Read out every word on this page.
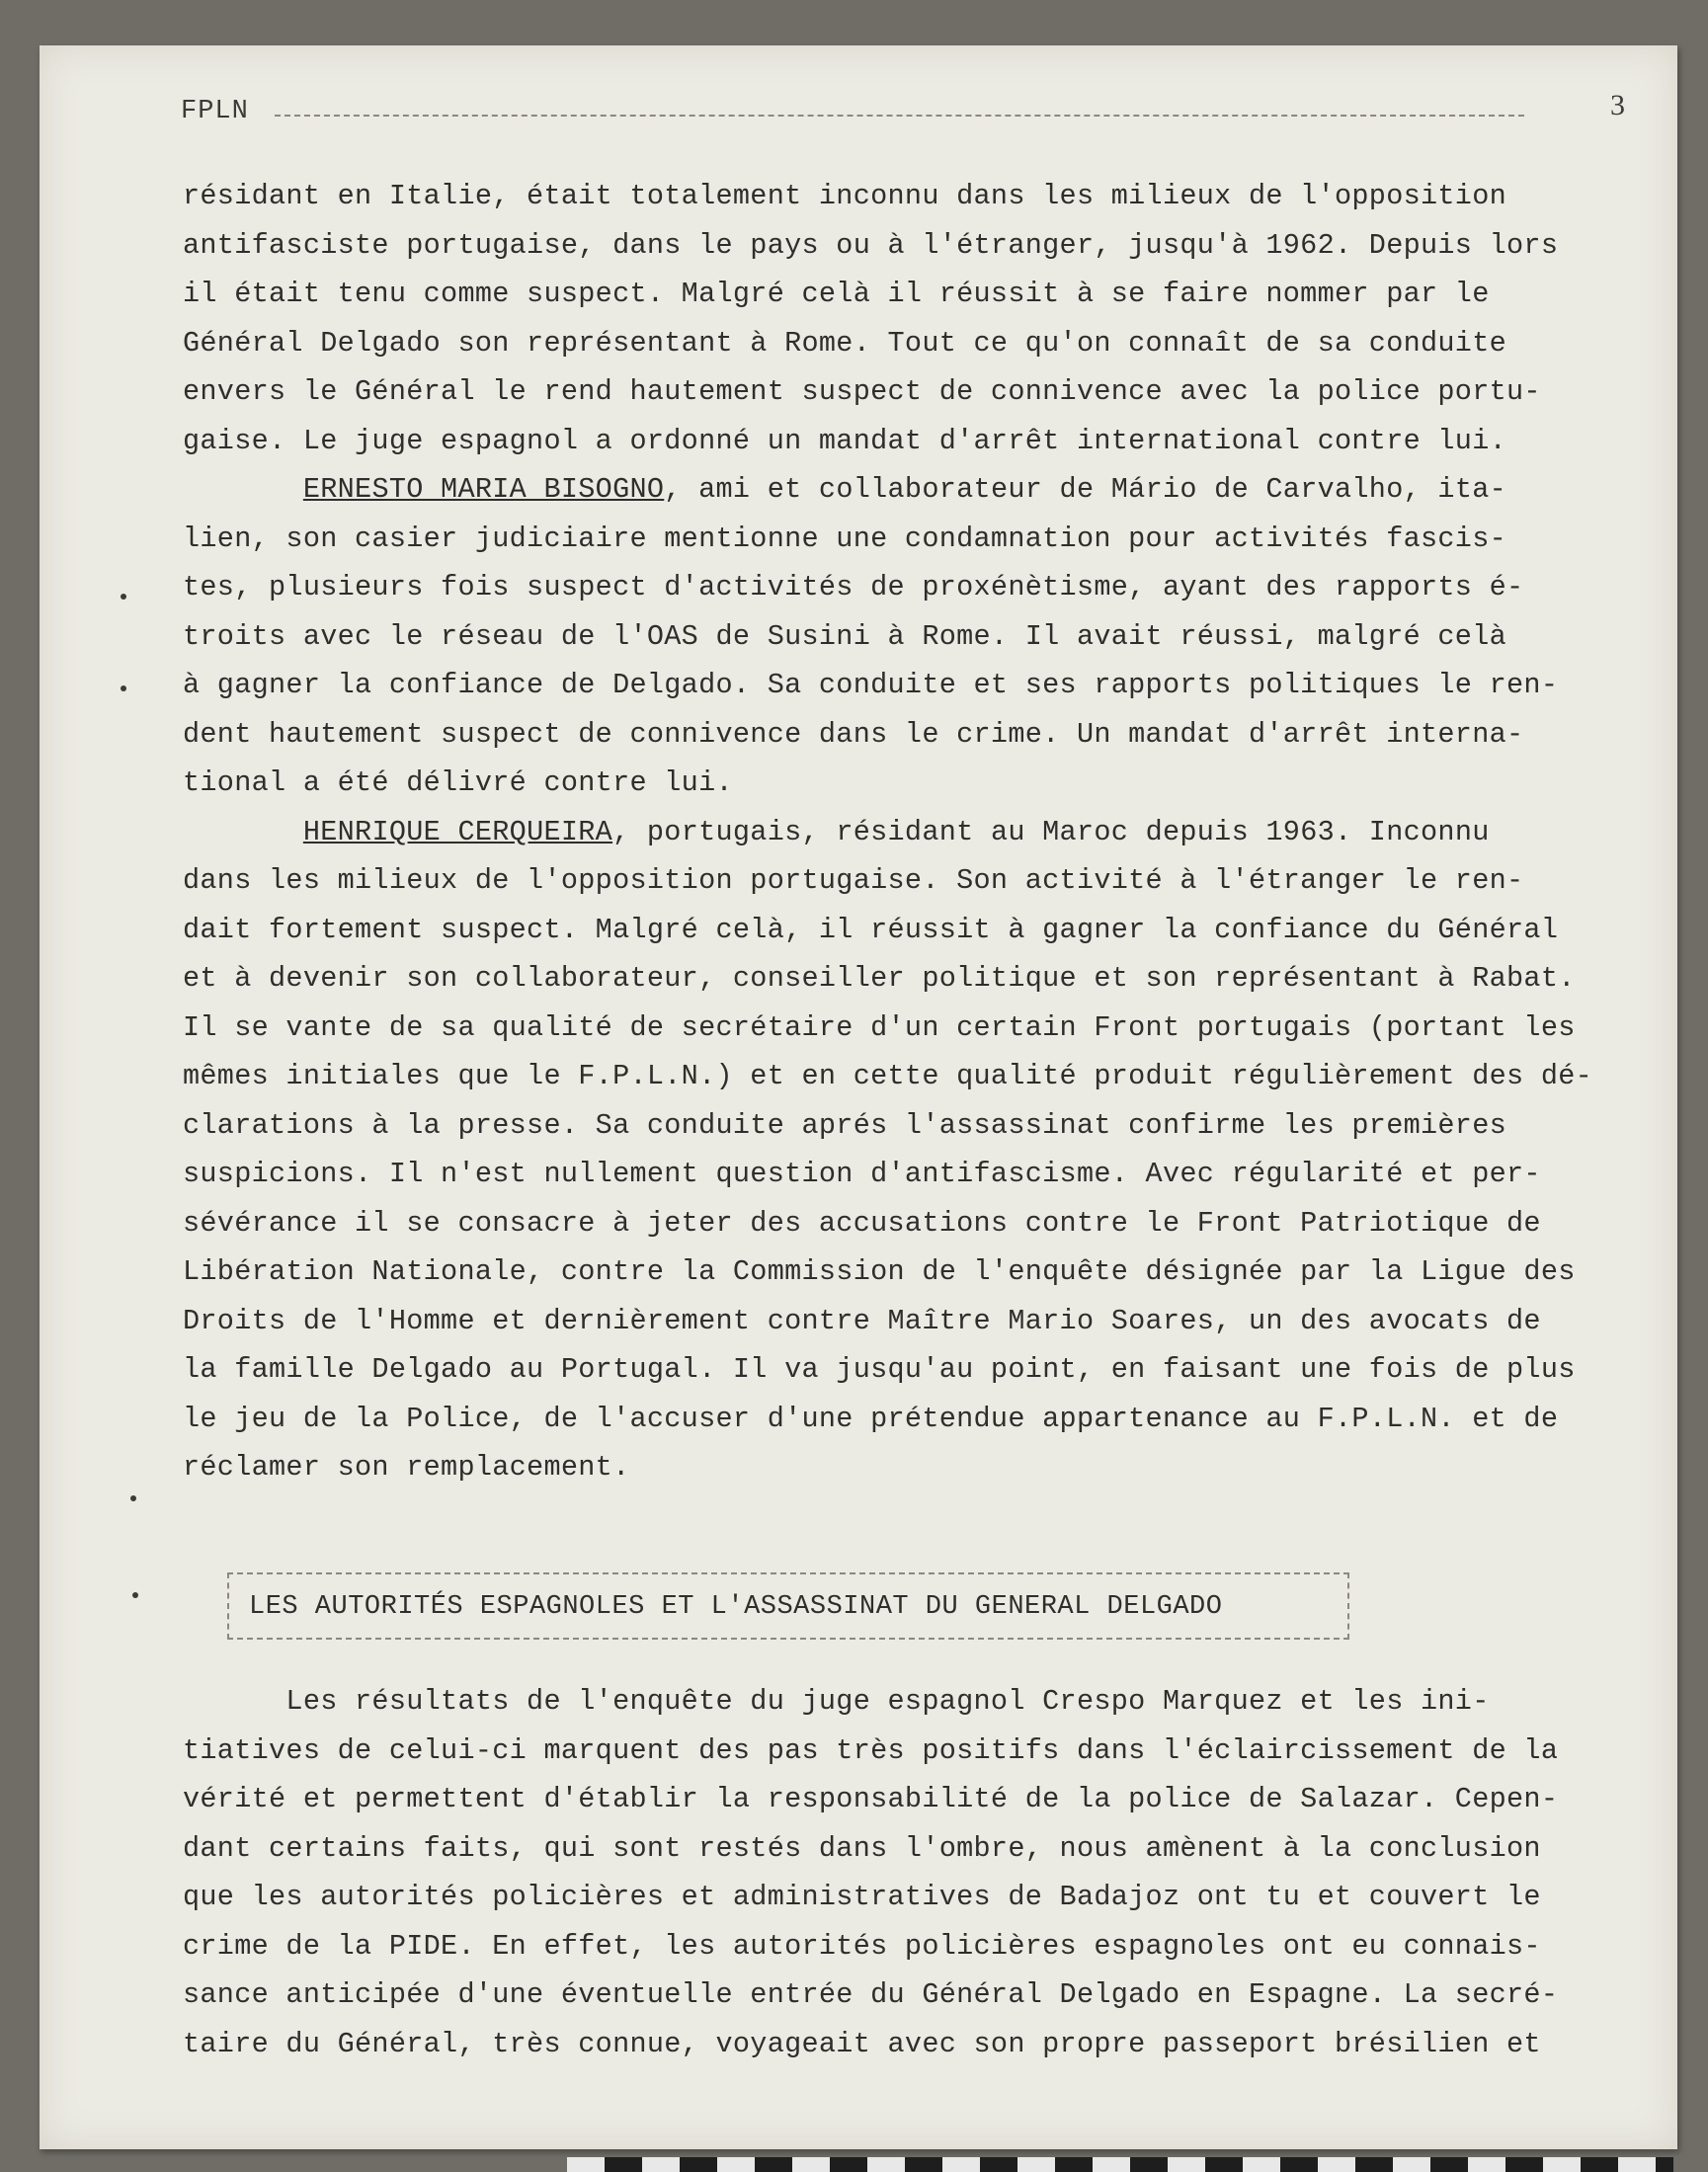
FPLN	3

résidant en Italie, était totalement inconnu dans les milieux de l'opposition

antifasciste portugaise, dans le pays ou à l'étranger, jusqu'à 1962. Depuis lors

il était tenu comme suspect. Malgré celà il réussit à se faire nommer par le

Général Delgado son représentant à Rome. Tout ce qu'on connaît de sa conduite

envers le Général le rend hautement suspect de connivence avec la police portu-

gaise. Le juge espagnol a ordonné un mandat d'arrêt international contre lui.

ERNESTO MARIA BISOGNO, ami et collaborateur de Mário de Carvalho, ita-

lien, son casier judiciaire mentionne une condamnation pour activités fascis-

tes, plusieurs fois suspect d'activités de proxénètisme, ayant des rapports é-

troits avec le réseau de l'OAS de Susini à Rome. Il avait réussi, malgré celà

à gagner la confiance de Delgado. Sa conduite et ses rapports politiques le ren-

dent hautement suspect de connivence dans le crime. Un mandat d'arrêt interna-

tional a été délivré contre lui.

HENRIQUE CERQUEIRA, portugais, résidant au Maroc depuis 1963. Inconnu

dans les milieux de l'opposition portugaise. Son activité à l'étranger le ren-

dait fortement suspect. Malgré celà, il réussit à gagner la confiance du Général

et à devenir son collaborateur, conseiller politique et son représentant à Rabat.

Il se vante de sa qualité de secrétaire d'un certain Front portugais (portant les

mêmes initiales que le F.P.L.N.) et en cette qualité produit régulièrement des dé-

clarations à la presse. Sa conduite aprés l'assassinat confirme les premières

suspicions. Il n'est nullement question d'antifascisme. Avec régularité et per-

sévérance il se consacre à jeter des accusations contre le Front Patriotique de

Libération Nationale, contre la Commission de l'enquête désignée par la Ligue des

Droits de l'Homme et dernièrement contre Maître Mario Soares, un des avocats de

la famille Delgado au Portugal. Il va jusqu'au point, en faisant une fois de plus

le jeu de la Police, de l'accuser d'une prétendue appartenance au F.P.L.N. et de

réclamer son remplacement.

LES AUTORITÉS ESPAGNOLES ET L'ASSASSINAT DU GENERAL DELGADO

Les résultats de l'enquête du juge espagnol Crespo Marquez et les ini-

tiatives de celui-ci marquent des pas très positifs dans l'éclaircissement de la

vérité et permettent d'établir la responsabilité de la police de Salazar. Cepen-

dant certains faits, qui sont restés dans l'ombre, nous amènent à la conclusion

que les autorités policières et administratives de Badajoz ont tu et couvert le

crime de la PIDE. En effet, les autorités policières espagnoles ont eu connais-

sance anticipée d'une éventuelle entrée du Général Delgado en Espagne. La secré-

taire du Général, très connue, voyageait avec son propre passeport brésilien et
